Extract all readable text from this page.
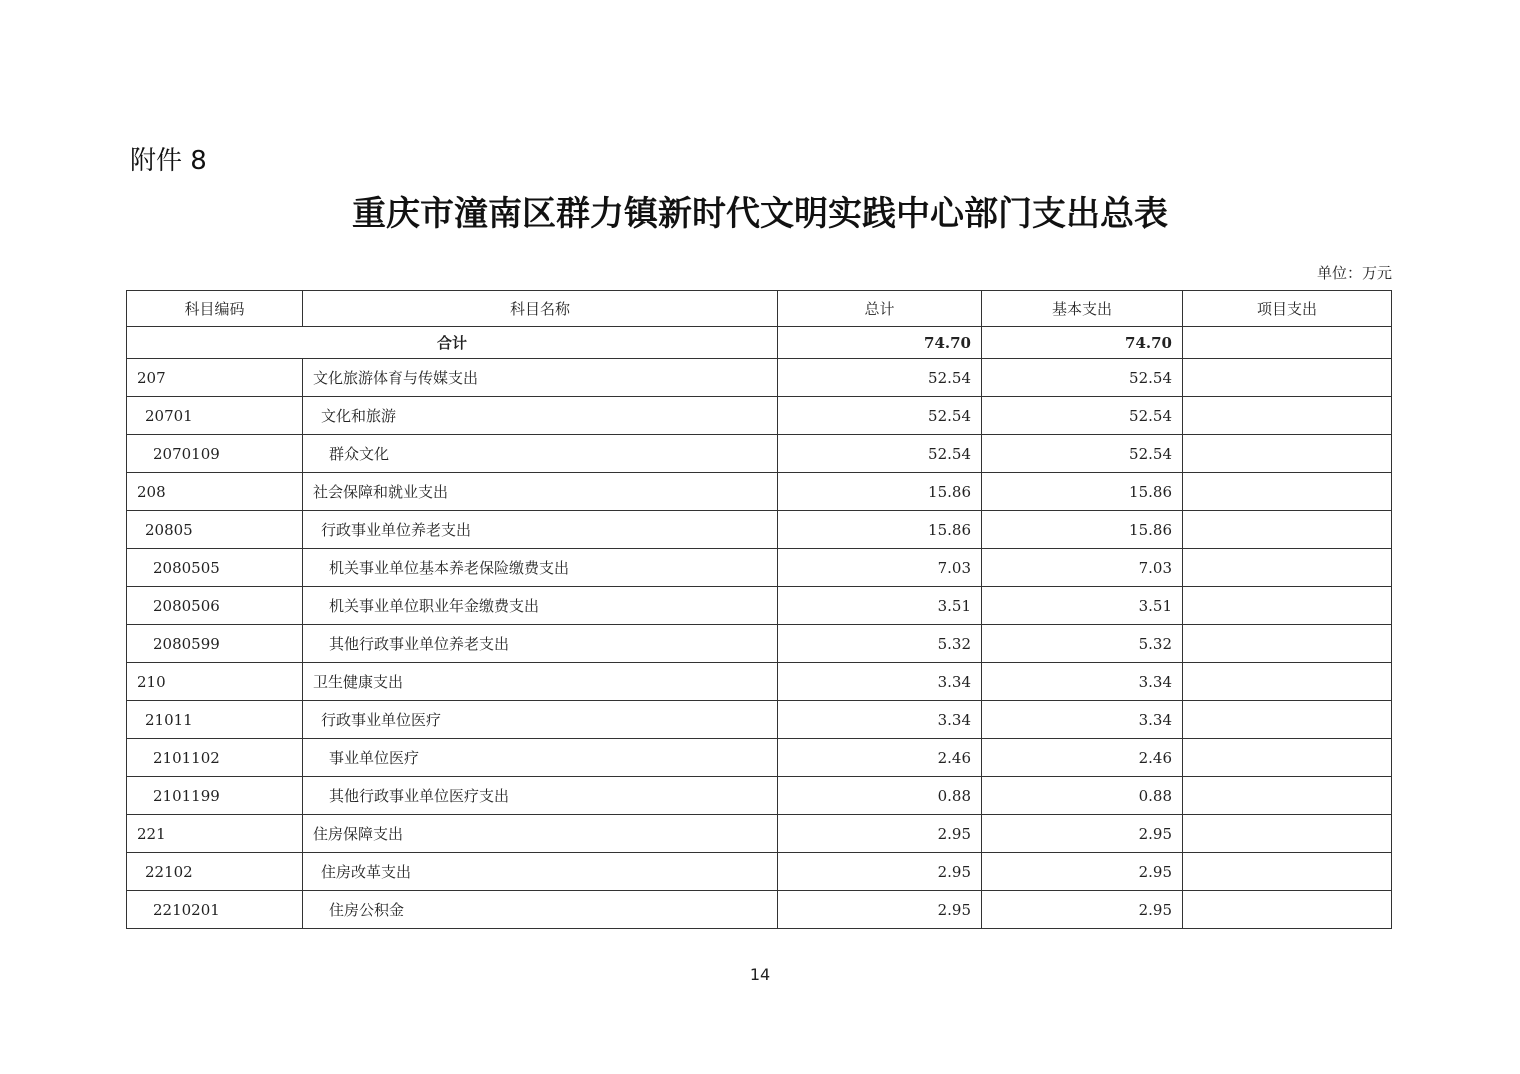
附件 8
重庆市潼南区群力镇新时代文明实践中心部门支出总表
单位：万元
科目编码	科目名称	总计	基本支出	项目支出
合计		74.70	74.70	
207	文化旅游体育与传媒支出	52.54	52.54	
20701	文化和旅游	52.54	52.54	
2070109	群众文化	52.54	52.54	
208	社会保障和就业支出	15.86	15.86	
20805	行政事业单位养老支出	15.86	15.86	
2080505	机关事业单位基本养老保险缴费支出	7.03	7.03	
2080506	机关事业单位职业年金缴费支出	3.51	3.51	
2080599	其他行政事业单位养老支出	5.32	5.32	
210	卫生健康支出	3.34	3.34	
21011	行政事业单位医疗	3.34	3.34	
2101102	事业单位医疗	2.46	2.46	
2101199	其他行政事业单位医疗支出	0.88	0.88	
221	住房保障支出	2.95	2.95	
22102	住房改革支出	2.95	2.95	
2210201	住房公积金	2.95	2.95	
14
